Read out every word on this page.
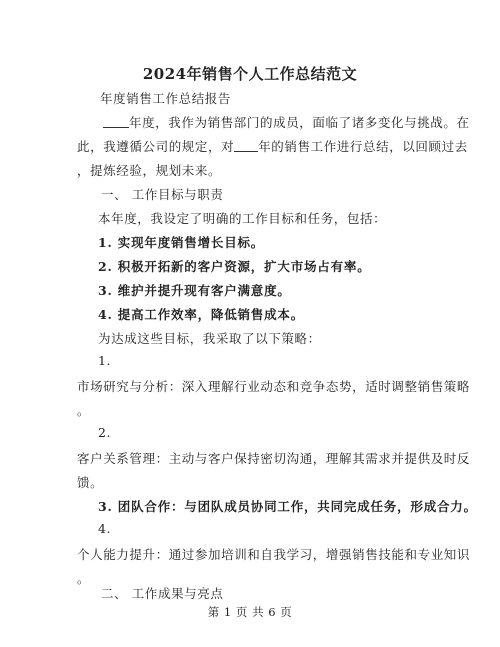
2024年销售个人工作总结范文
年度销售工作总结报告
年度，我作为销售部门的成员，面临了诸多变化与挑战。在
此，我遵循公司的规定，对 年的销售工作进行总结，以回顾过去
，提炼经验，规划未来。
一、 工作目标与职责
本年度，我设定了明确的工作目标和任务，包括：
1. 实现年度销售增长目标。
2. 积极开拓新的客户资源，扩大市场占有率。
3. 维护并提升现有客户满意度。
4. 提高工作效率，降低销售成本。
为达成这些目标，我采取了以下策略：
1.
市场研究与分析：深入理解行业动态和竞争态势，适时调整销售策略
。
2.
客户关系管理：主动与客户保持密切沟通，理解其需求并提供及时反
馈。
3. 团队合作：与团队成员协同工作，共同完成任务，形成合力。
4.
个人能力提升：通过参加培训和自我学习，增强销售技能和专业知识
。
二、 工作成果与亮点
第 1 页 共 6 页
